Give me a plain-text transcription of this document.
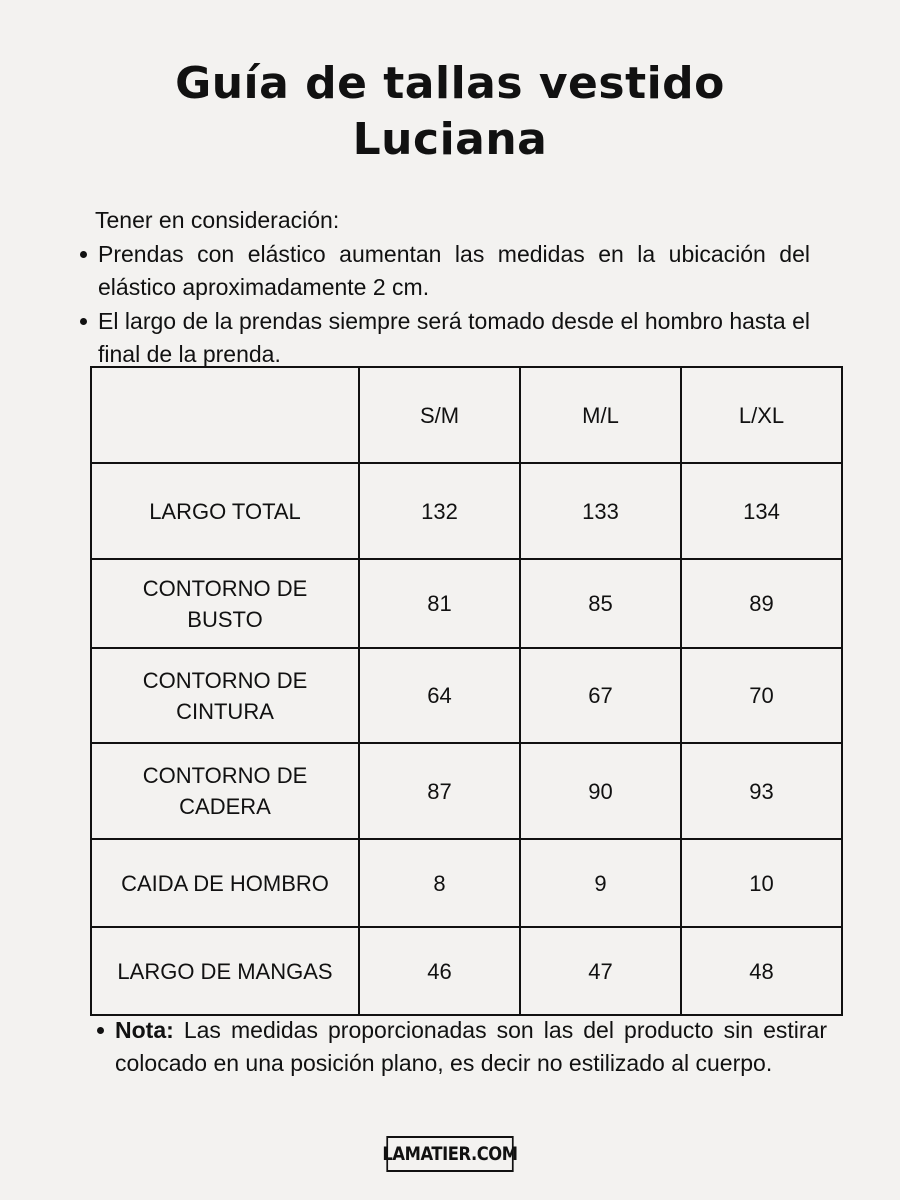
Guía de tallas vestido
Luciana

Tener en consideración:

Prendas con elástico aumentan las medidas en la ubicación del elástico aproximadamente 2 cm.
El largo de la prendas siempre será tomado desde el hombro hasta el final de la prenda.
	S/M	M/L	L/XL
LARGO TOTAL	132	133	134
CONTORNO DE BUSTO	81	85	89
CONTORNO DE CINTURA	64	67	70
CONTORNO DE CADERA	87	90	93
CAIDA DE HOMBRO	8	9	10
LARGO DE MANGAS	46	47	48

Nota: Las medidas proporcionadas son las del producto sin estirar colocado en una posición plano, es decir no estilizado al cuerpo.

LAMATIER.COM
